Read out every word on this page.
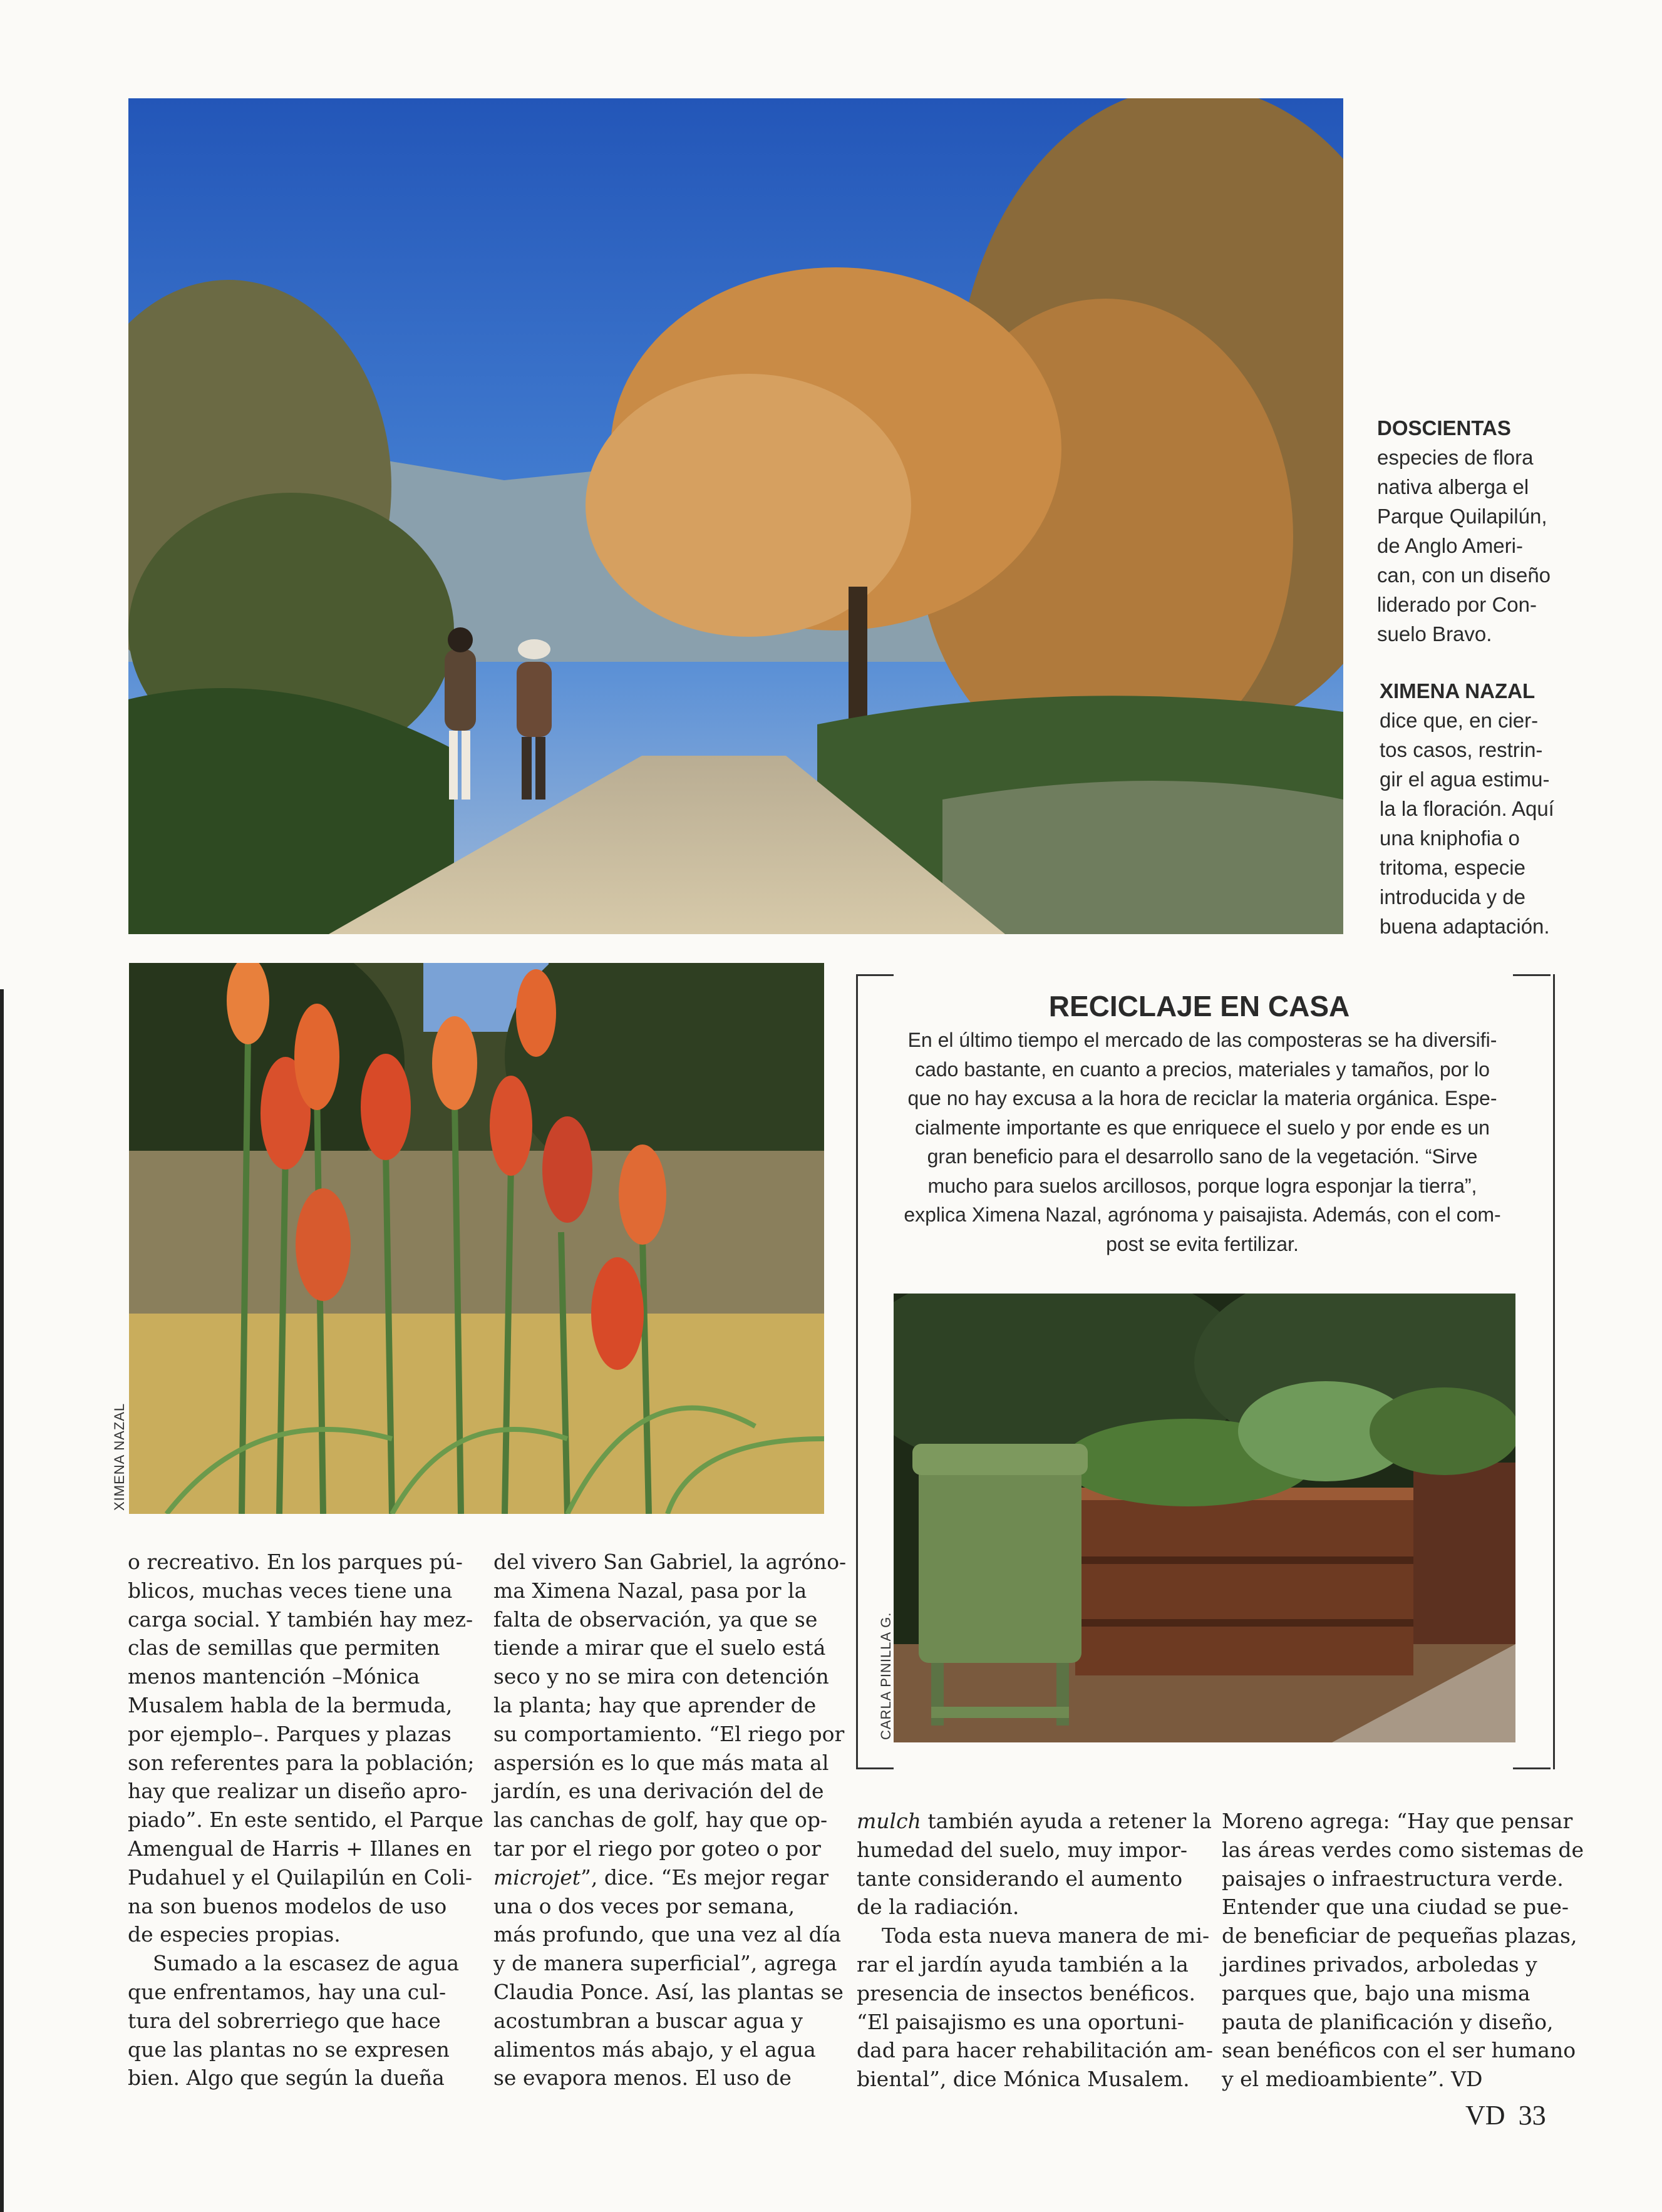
DOSCIENTAS
especies de flora
nativa alberga el
Parque Quilapilún,
de Anglo Ameri-
can, con un diseño
liderado por Con-
suelo Bravo.
XIMENA NAZAL
dice que, en cier-
tos casos, restrin-
gir el agua estimu-
la la floración. Aquí
una kniphofia o
tritoma, especie
introducida y de
buena adaptación.
XIMENA NAZAL
RECICLAJE EN CASA
En el último tiempo el mercado de las composteras se ha diversifi-
cado bastante, en cuanto a precios, materiales y tamaños, por lo
que no hay excusa a la hora de reciclar la materia orgánica. Espe-
cialmente importante es que enriquece el suelo y por ende es un
gran beneficio para el desarrollo sano de la vegetación. “Sirve
mucho para suelos arcillosos, porque logra esponjar la tierra”,
explica Ximena Nazal, agrónoma y paisajista. Además, con el com-
post se evita fertilizar.
CARLA PINILLA G.
o recreativo. En los parques pú-
blicos, muchas veces tiene una
carga social. Y también hay mez-
clas de semillas que permiten
menos mantención –Mónica
Musalem habla de la bermuda,
por ejemplo–. Parques y plazas
son referentes para la población;
hay que realizar un diseño apro-
piado”. En este sentido, el Parque
Amengual de Harris + Illanes en
Pudahuel y el Quilapilún en Coli-
na son buenos modelos de uso
de especies propias.
Sumado a la escasez de agua
que enfrentamos, hay una cul-
tura del sobrerriego que hace
que las plantas no se expresen
bien. Algo que según la dueña
del vivero San Gabriel, la agróno-
ma Ximena Nazal, pasa por la
falta de observación, ya que se
tiende a mirar que el suelo está
seco y no se mira con detención
la planta; hay que aprender de
su comportamiento. “El riego por
aspersión es lo que más mata al
jardín, es una derivación del de
las canchas de golf, hay que op-
tar por el riego por goteo o por
microjet”, dice. “Es mejor regar
una o dos veces por semana,
más profundo, que una vez al día
y de manera superficial”, agrega
Claudia Ponce. Así, las plantas se
acostumbran a buscar agua y
alimentos más abajo, y el agua
se evapora menos. El uso de
mulch también ayuda a retener la
humedad del suelo, muy impor-
tante considerando el aumento
de la radiación.
Toda esta nueva manera de mi-
rar el jardín ayuda también a la
presencia de insectos benéficos.
“El paisajismo es una oportuni-
dad para hacer rehabilitación am-
biental”, dice Mónica Musalem.
Moreno agrega: “Hay que pensar
las áreas verdes como sistemas de
paisajes o infraestructura verde.
Entender que una ciudad se pue-
de beneficiar de pequeñas plazas,
jardines privados, arboledas y
parques que, bajo una misma
pauta de planificación y diseño,
sean benéficos con el ser humano
y el medioambiente”. VD
VD 33
